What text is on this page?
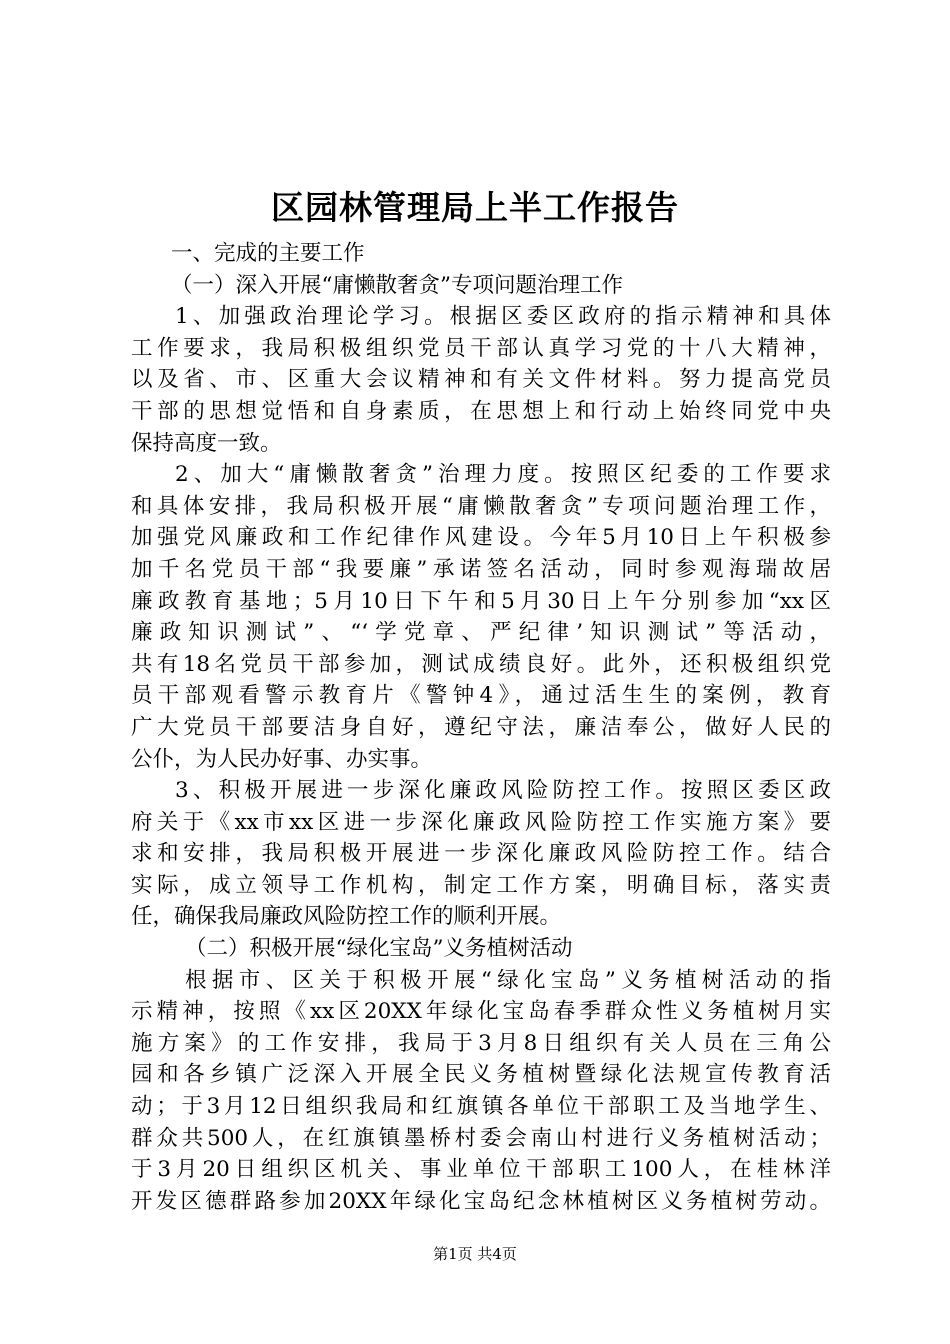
区园林管理局上半工作报告
一、完成的主要工作
（一）深入开展“庸懒散奢贪”专项问题治理工作
1、加强政治理论学习。根据区委区政府的指示精神和具体
工作要求，我局积极组织党员干部认真学习党的十八大精神，
以及省、市、区重大会议精神和有关文件材料。努力提高党员
干部的思想觉悟和自身素质，在思想上和行动上始终同党中央
保持高度一致。
2、加大“庸懒散奢贪”治理力度。按照区纪委的工作要求
和具体安排，我局积极开展“庸懒散奢贪”专项问题治理工作，
加强党风廉政和工作纪律作风建设。今年5月10日上午积极参
加千名党员干部“我要廉”承诺签名活动，同时参观海瑞故居
廉政教育基地；5月10日下午和5月30日上午分别参加“xx区
廉政知识测试”、“‘学党章、严纪律’知识测试”等活动，
共有18名党员干部参加，测试成绩良好。此外，还积极组织党
员干部观看警示教育片《警钟4》，通过活生生的案例，教育
广大党员干部要洁身自好，遵纪守法，廉洁奉公，做好人民的
公仆，为人民办好事、办实事。
3、积极开展进一步深化廉政风险防控工作。按照区委区政
府关于《xx市xx区进一步深化廉政风险防控工作实施方案》要
求和安排，我局积极开展进一步深化廉政风险防控工作。结合
实际，成立领导工作机构，制定工作方案，明确目标，落实责
任，确保我局廉政风险防控工作的顺利开展。
（二）积极开展“绿化宝岛”义务植树活动
根据市、区关于积极开展“绿化宝岛”义务植树活动的指
示精神，按照《xx区20XX年绿化宝岛春季群众性义务植树月实
施方案》的工作安排，我局于3月8日组织有关人员在三角公
园和各乡镇广泛深入开展全民义务植树暨绿化法规宣传教育活
动；于3月12日组织我局和红旗镇各单位干部职工及当地学生、
群众共500人，在红旗镇墨桥村委会南山村进行义务植树活动；
于3月20日组织区机关、事业单位干部职工100人，在桂林洋
开发区德群路参加20XX年绿化宝岛纪念林植树区义务植树劳动。
第1页 共4页
